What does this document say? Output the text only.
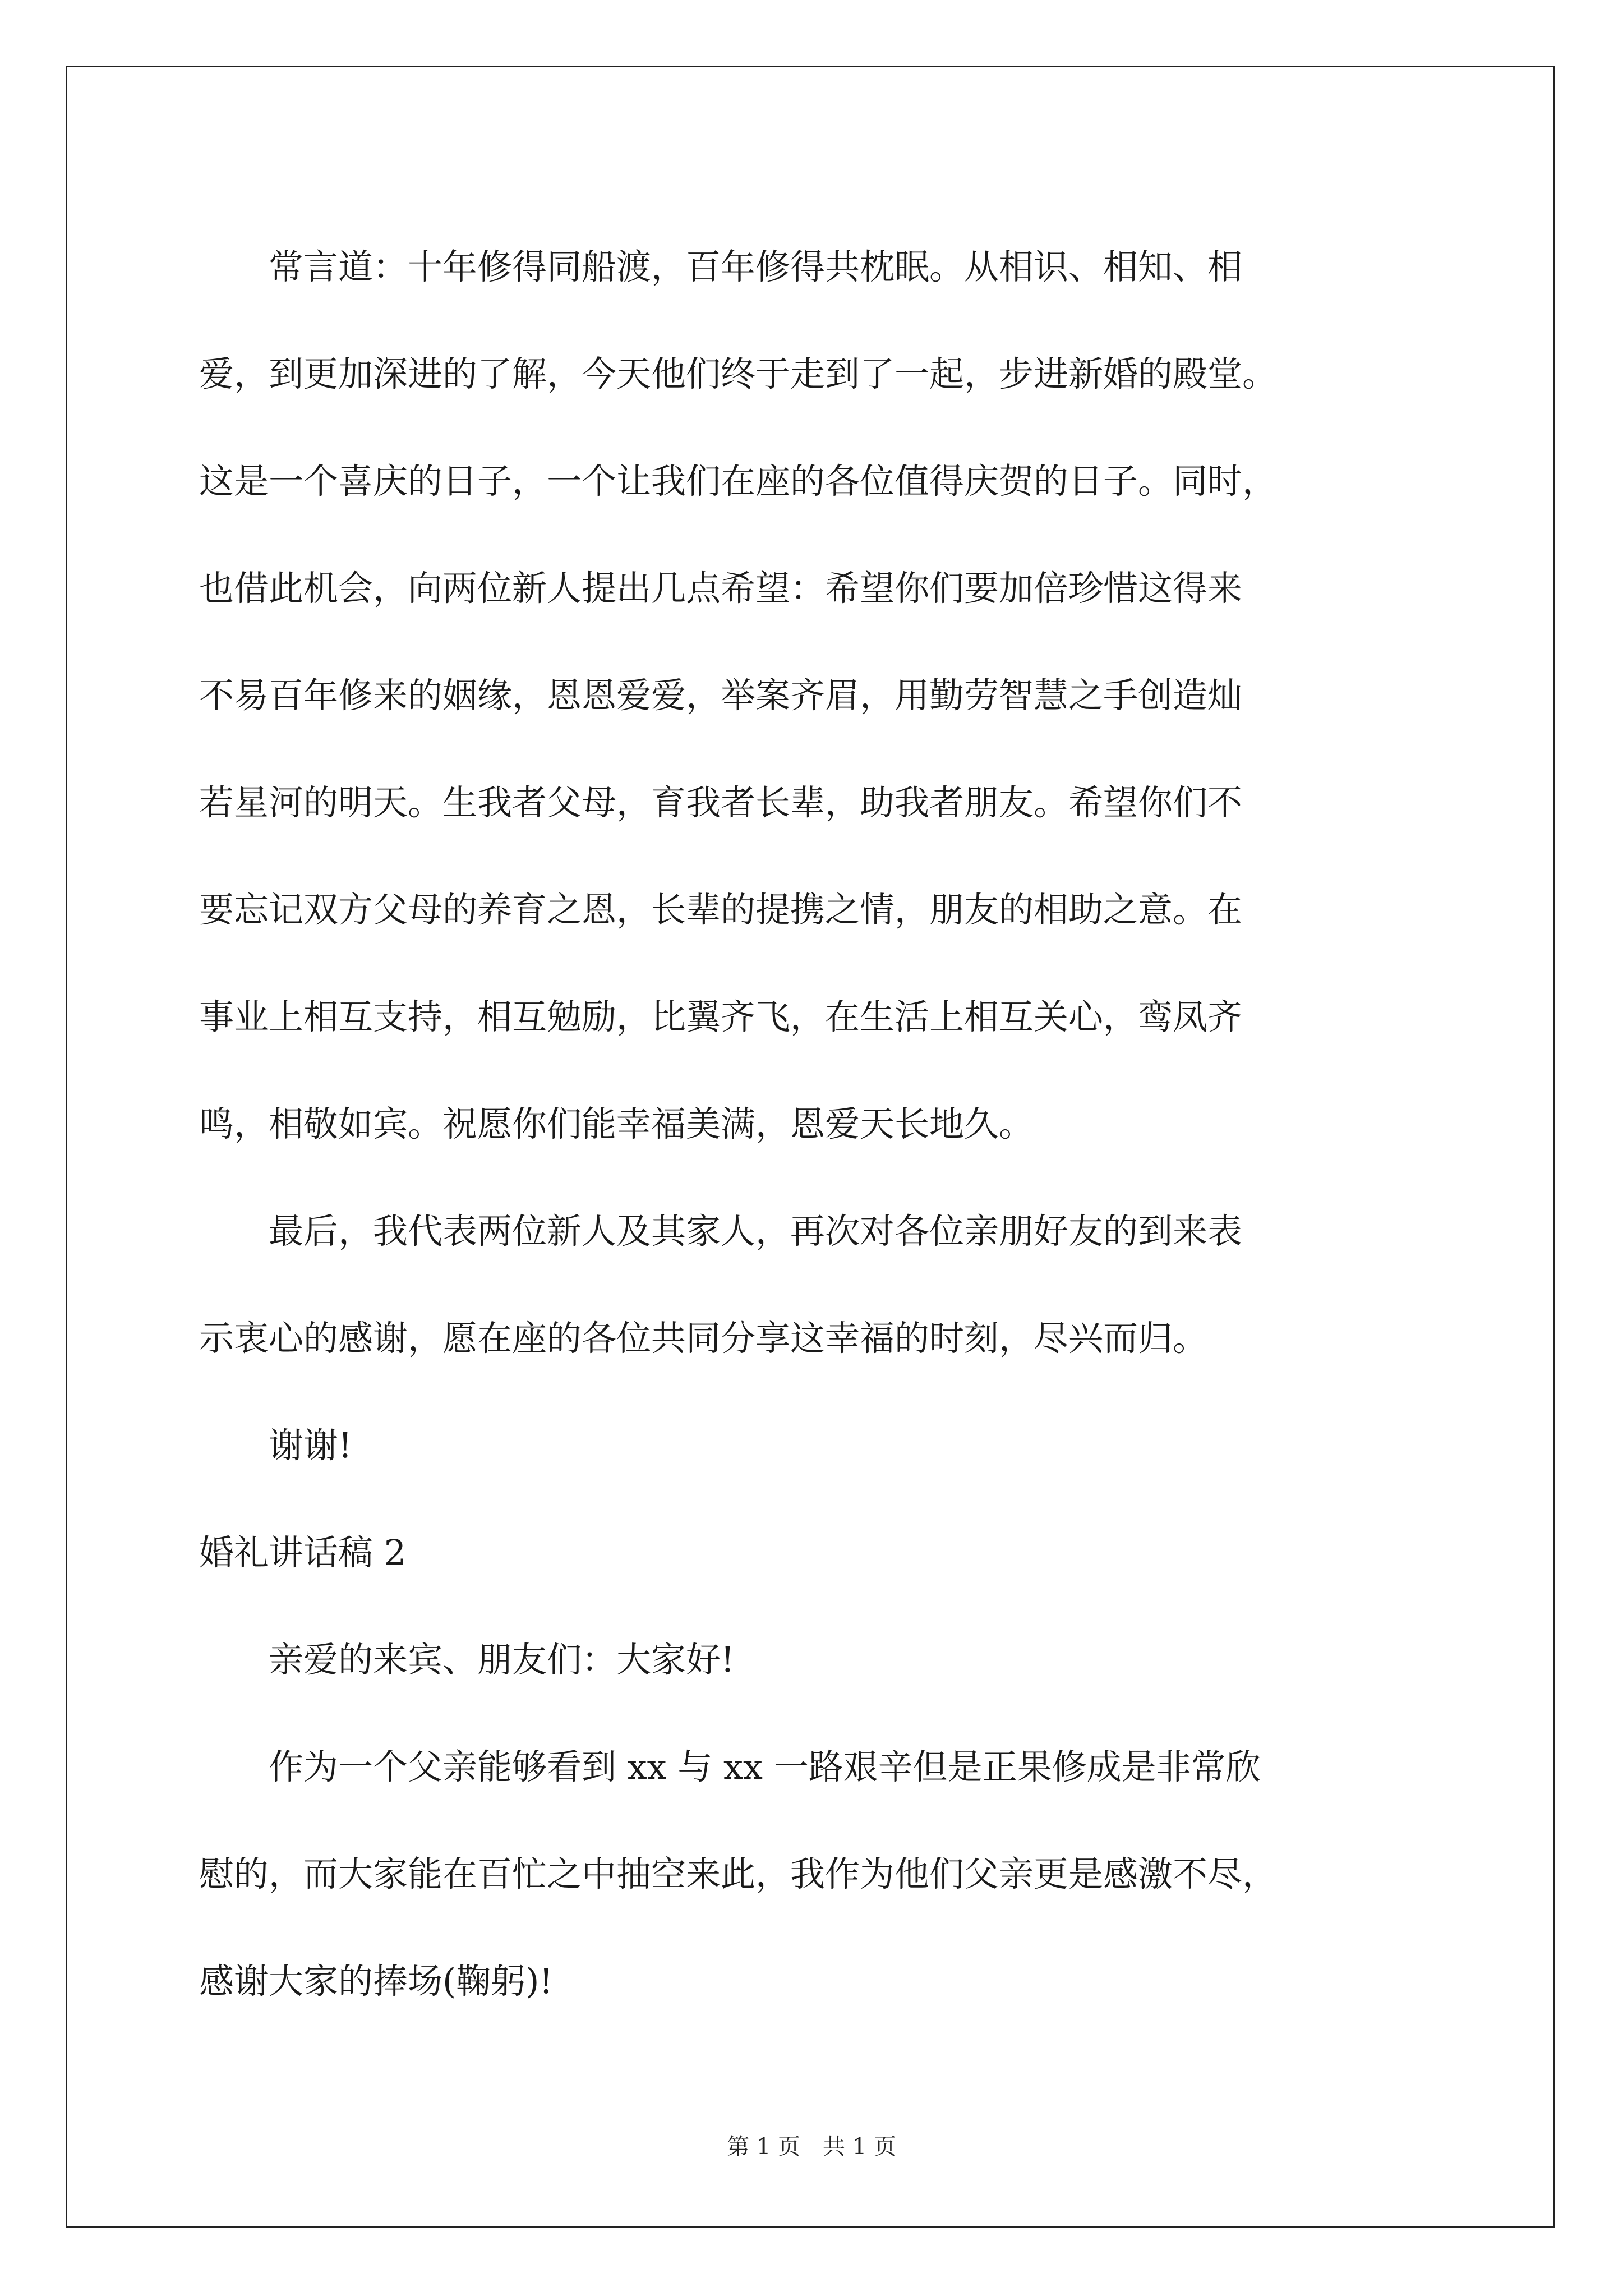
　　常言道：十年修得同船渡，百年修得共枕眠。从相识、相知、相
爱，到更加深进的了解，今天他们终于走到了一起，步进新婚的殿堂。
这是一个喜庆的日子，一个让我们在座的各位值得庆贺的日子。同时，
也借此机会，向两位新人提出几点希望：希望你们要加倍珍惜这得来
不易百年修来的姻缘，恩恩爱爱，举案齐眉，用勤劳智慧之手创造灿
若星河的明天。生我者父母，育我者长辈，助我者朋友。希望你们不
要忘记双方父母的养育之恩，长辈的提携之情，朋友的相助之意。在
事业上相互支持，相互勉励，比翼齐飞，在生活上相互关心，鸾凤齐
鸣，相敬如宾。祝愿你们能幸福美满，恩爱天长地久。

　　最后，我代表两位新人及其家人，再次对各位亲朋好友的到来表
示衷心的感谢，愿在座的各位共同分享这幸福的时刻，尽兴而归。

　　谢谢!

婚礼讲话稿 2

　　亲爱的来宾、朋友们：大家好!

　　作为一个父亲能够看到 xx 与 xx 一路艰辛但是正果修成是非常欣
慰的，而大家能在百忙之中抽空来此，我作为他们父亲更是感激不尽，
感谢大家的捧场(鞠躬)!

第 1 页　共 1 页
